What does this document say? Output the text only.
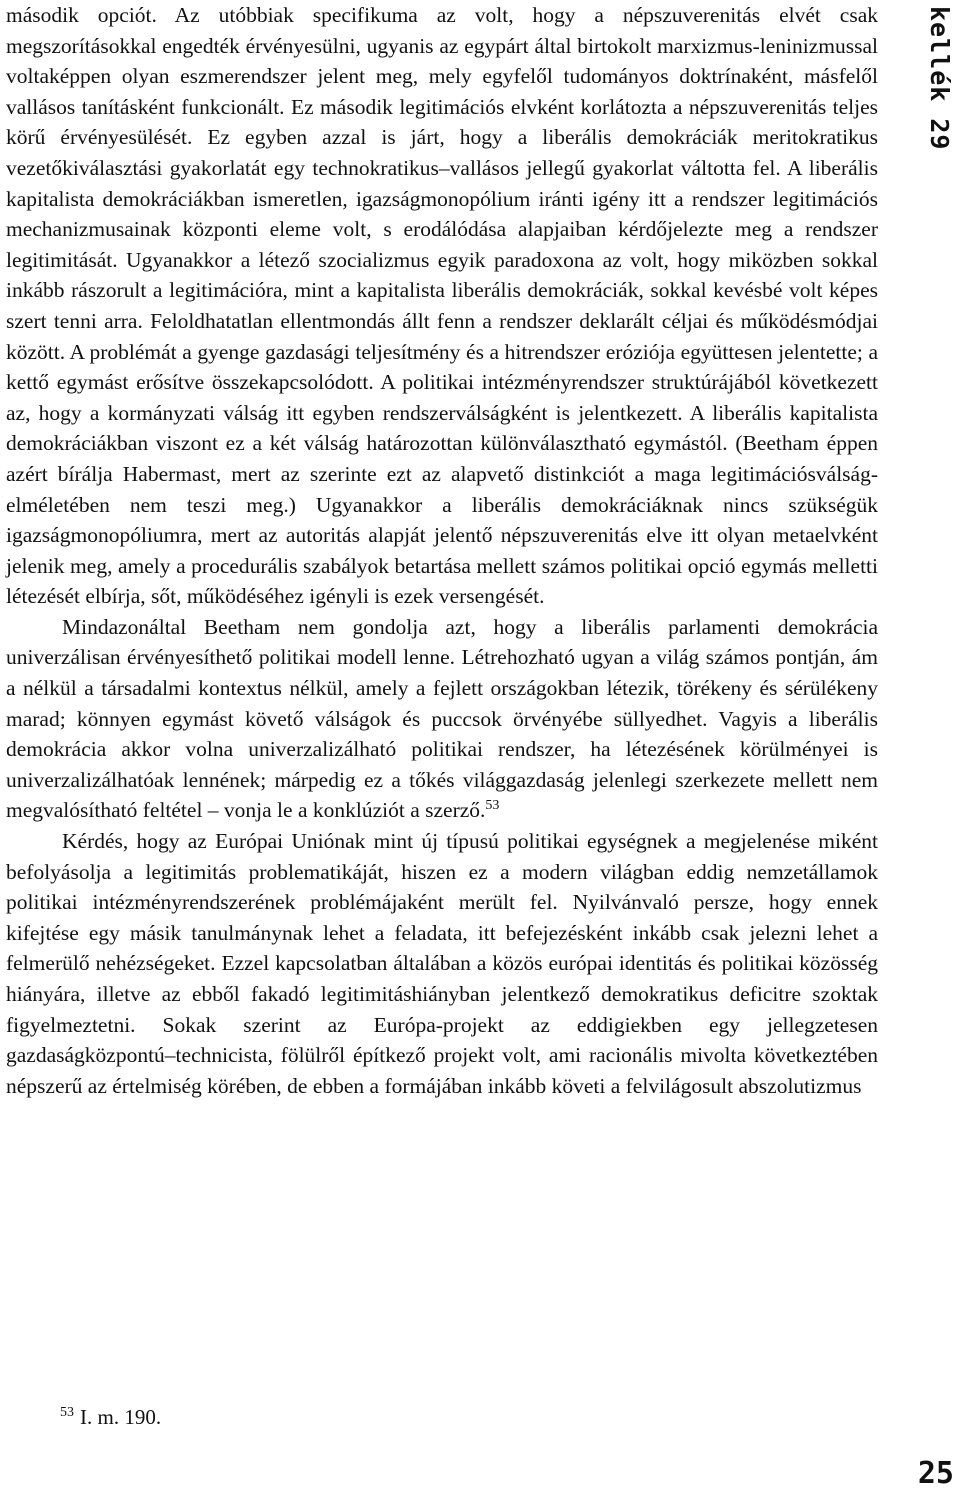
második opciót. Az utóbbiak specifikuma az volt, hogy a népszuverenitás elvét csak megszorításokkal engedték érvényesülni, ugyanis az egypárt által birtokolt marxizmus-leninizmussal voltaképpen olyan eszmerendszer jelent meg, mely egyfelől tudományos doktrínaként, másfelől vallásos tanításként funkcionált. Ez második legitimációs elvként korlátozta a népszuverenitás teljes körű érvényesülését. Ez egyben azzal is járt, hogy a liberális demokráciák meritokratikus vezetőkiválasztási gyakorlatát egy technokratikus–vallásos jellegű gyakorlat váltotta fel. A liberális kapitalista demokráciákban ismeretlen, igazságmonopólium iránti igény itt a rendszer legitimációs mechanizmusainak központi eleme volt, s erodálódása alapjaiban kérdőjelezte meg a rendszer legitimitását. Ugyanakkor a létező szocializmus egyik paradoxona az volt, hogy miközben sokkal inkább rászorult a legitimációra, mint a kapitalista liberális demokráciák, sokkal kevésbé volt képes szert tenni arra. Feloldhatatlan ellentmondás állt fenn a rendszer deklarált céljai és működésmódjai között. A problémát a gyenge gazdasági teljesítmény és a hitrendszer eróziója együttesen jelentette; a kettő egymást erősítve összekapcsolódott. A politikai intézményrendszer struktúrájából következett az, hogy a kormányzati válság itt egyben rendszerválságként is jelentkezett. A liberális kapitalista demokráciákban viszont ez a két válság határozottan különválasztható egymástól. (Beetham éppen azért bírálja Habermast, mert az szerinte ezt az alapvető distinkciót a maga legitimációsválság-elméletében nem teszi meg.) Ugyanakkor a liberális demokráciáknak nincs szükségük igazságmonopóliumra, mert az autoritás alapját jelentő népszuverenitás elve itt olyan metaelvként jelenik meg, amely a procedurális szabályok betartása mellett számos politikai opció egymás melletti létezését elbírja, sőt, működéséhez igényli is ezek versengését.

Mindazonáltal Beetham nem gondolja azt, hogy a liberális parlamenti demokrácia univerzálisan érvényesíthető politikai modell lenne. Létrehozható ugyan a világ számos pontján, ám a nélkül a társadalmi kontextus nélkül, amely a fejlett országokban létezik, törékeny és sérülékeny marad; könnyen egymást követő válságok és puccsok örvényébe süllyedhet. Vagyis a liberális demokrácia akkor volna univerzalizálható politikai rendszer, ha létezésének körülményei is univerzalizálhatóak lennének; márpedig ez a tőkés világgazdaság jelenlegi szerkezete mellett nem megvalósítható feltétel – vonja le a konklúziót a szerző.$^{53}$

Kérdés, hogy az Európai Uniónak mint új típusú politikai egységnek a megjelenése miként befolyásolja a legitimitás problematikáját, hiszen ez a modern világban eddig nemzetállamok politikai intézményrendszerének problémájaként merült fel. Nyilvánvaló persze, hogy ennek kifejtése egy másik tanulmánynak lehet a feladata, itt befejezésként inkább csak jelezni lehet a felmerülő nehézségeket. Ezzel kapcsolatban általában a közös európai identitás és politikai közösség hiányára, illetve az ebből fakadó legitimitáshiányban jelentkező demokratikus deficitre szoktak figyelmeztetni. Sokak szerint az Európa-projekt az eddigiekben egy jellegzetesen gazdaságközpontú–technicista, fölülről építkező projekt volt, ami racionális mivolta következtében népszerű az értelmiség körében, de ebben a formájában inkább követi a felvilágosult abszolutizmus

kellék 29
$^{53}$ I. m. 190.
25
